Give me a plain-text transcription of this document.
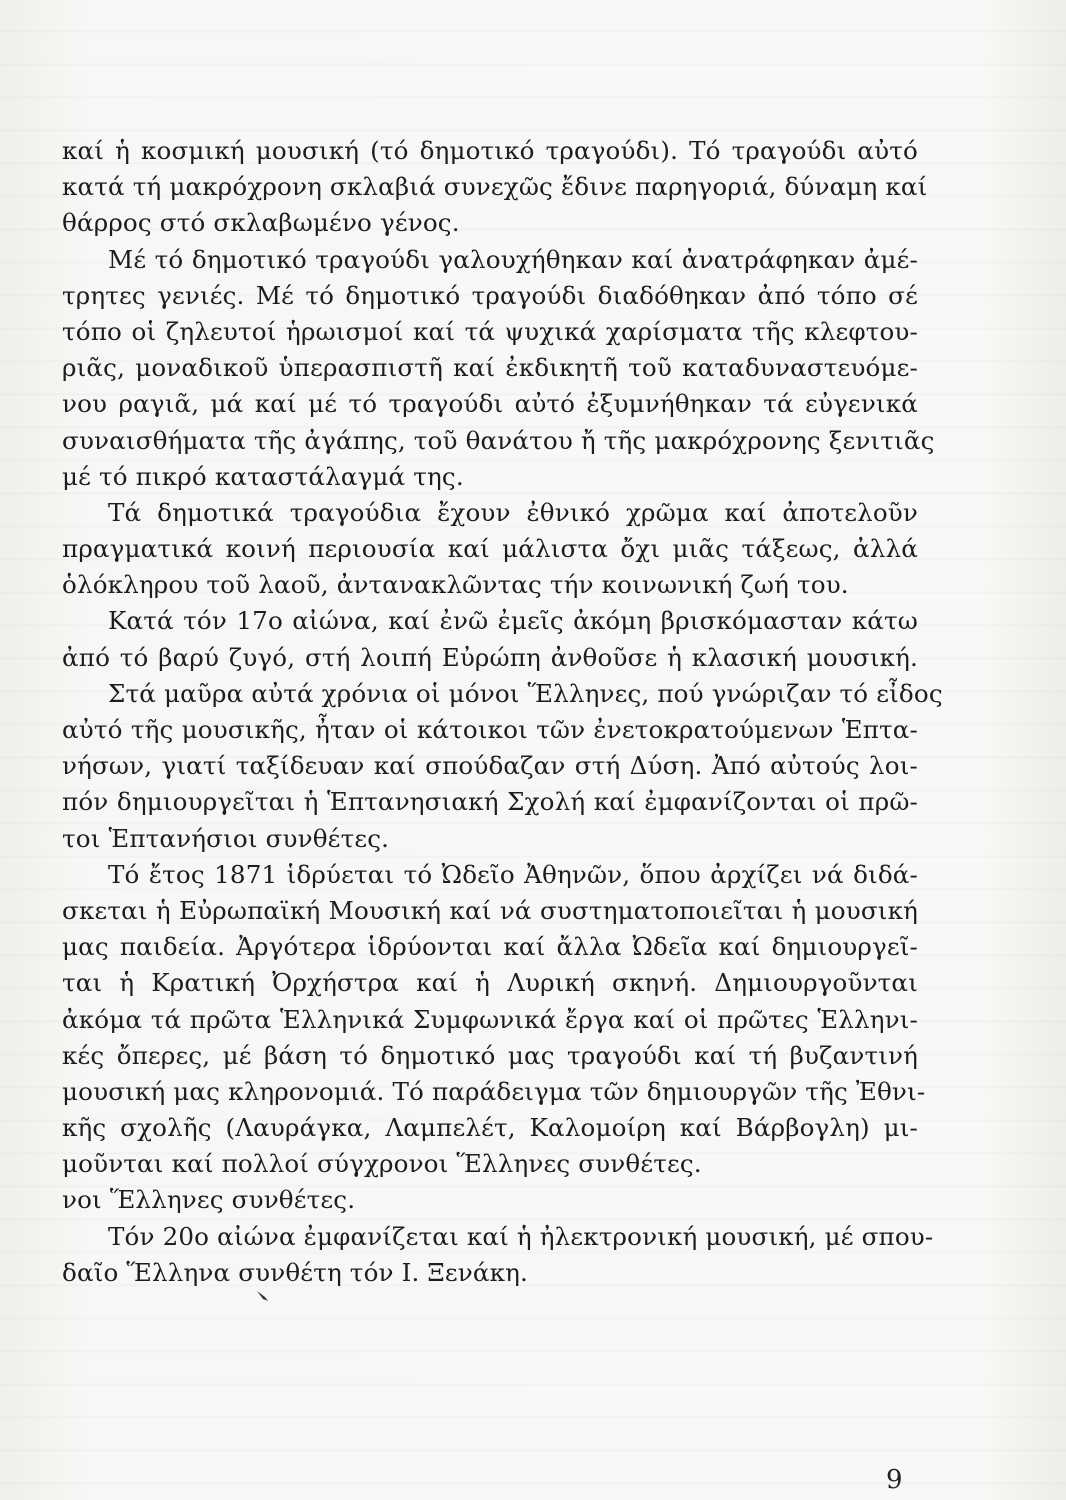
καί ἡ κοσμική μουσική (τό δημοτικό τραγούδι). Τό τραγούδι αὐτό
κατά τή μακρόχρονη σκλαβιά συνεχῶς ἔδινε παρηγοριά, δύναμη καί
θάρρος στό σκλαβωμένο γένος.
Μέ τό δημοτικό τραγούδι γαλουχήθηκαν καί ἀνατράφηκαν ἀμέ-
τρητες γενιές. Μέ τό δημοτικό τραγούδι διαδόθηκαν ἀπό τόπο σέ
τόπο οἱ ζηλευτοί ἡρωισμοί καί τά ψυχικά χαρίσματα τῆς κλεφτου-
ριᾶς, μοναδικοῦ ὑπερασπιστῆ καί ἐκδικητῆ τοῦ καταδυναστευόμε-
νου ραγιᾶ, μά καί μέ τό τραγούδι αὐτό ἐξυμνήθηκαν τά εὐγενικά
συναισθήματα τῆς ἀγάπης, τοῦ θανάτου ἤ τῆς μακρόχρονης ξενιτιᾶς
μέ τό πικρό καταστάλαγμά της.
Τά δημοτικά τραγούδια ἔχουν ἐθνικό χρῶμα καί ἀποτελοῦν
πραγματικά κοινή περιουσία καί μάλιστα ὄχι μιᾶς τάξεως, ἀλλά
ὁλόκληρου τοῦ λαοῦ, ἀντανακλῶντας τήν κοινωνική ζωή του.
Κατά τόν 17ο αἰώνα, καί ἐνῶ ἐμεῖς ἀκόμη βρισκόμασταν κάτω
ἀπό τό βαρύ ζυγό, στή λοιπή Εὐρώπη ἀνθοῦσε ἡ κλασική μουσική.
Στά μαῦρα αὐτά χρόνια οἱ μόνοι Ἕλληνες, πού γνώριζαν τό εἶδος
αὐτό τῆς μουσικῆς, ἦταν οἱ κάτοικοι τῶν ἐνετοκρατούμενων Ἑπτα-
νήσων, γιατί ταξίδευαν καί σπούδαζαν στή Δύση. Ἀπό αὐτούς λοι-
πόν δημιουργεῖται ἡ Ἑπτανησιακή Σχολή καί ἐμφανίζονται οἱ πρῶ-
τοι Ἑπτανήσιοι συνθέτες.
Τό ἔτος 1871 ἱδρύεται τό Ὠδεῖο Ἀθηνῶν, ὅπου ἀρχίζει νά διδά-
σκεται ἡ Εὐρωπαϊκή Μουσική καί νά συστηματοποιεῖται ἡ μουσική
μας παιδεία. Ἀργότερα ἱδρύονται καί ἄλλα Ὠδεῖα καί δημιουργεῖ-
ται ἡ Κρατική Ὀρχήστρα καί ἡ Λυρική σκηνή. Δημιουργοῦνται
ἀκόμα τά πρῶτα Ἑλληνικά Συμφωνικά ἔργα καί οἱ πρῶτες Ἑλληνι-
κές ὄπερες, μέ βάση τό δημοτικό μας τραγούδι καί τή βυζαντινή
μουσική μας κληρονομιά. Τό παράδειγμα τῶν δημιουργῶν τῆς Ἐθνι-
κῆς σχολῆς (Λαυράγκα, Λαμπελέτ, Καλομοίρη καί Βάρβογλη) μι-
μοῦνται καί πολλοί σύγχρονοι Ἕλληνες συνθέτες.
νοι Ἕλληνες συνθέτες.
Τόν 20ο αἰώνα ἐμφανίζεται καί ἡ ἠλεκτρονική μουσική, μέ σπου-
δαῖο Ἕλληνα συνθέτη τόν Ι. Ξενάκη.
9
